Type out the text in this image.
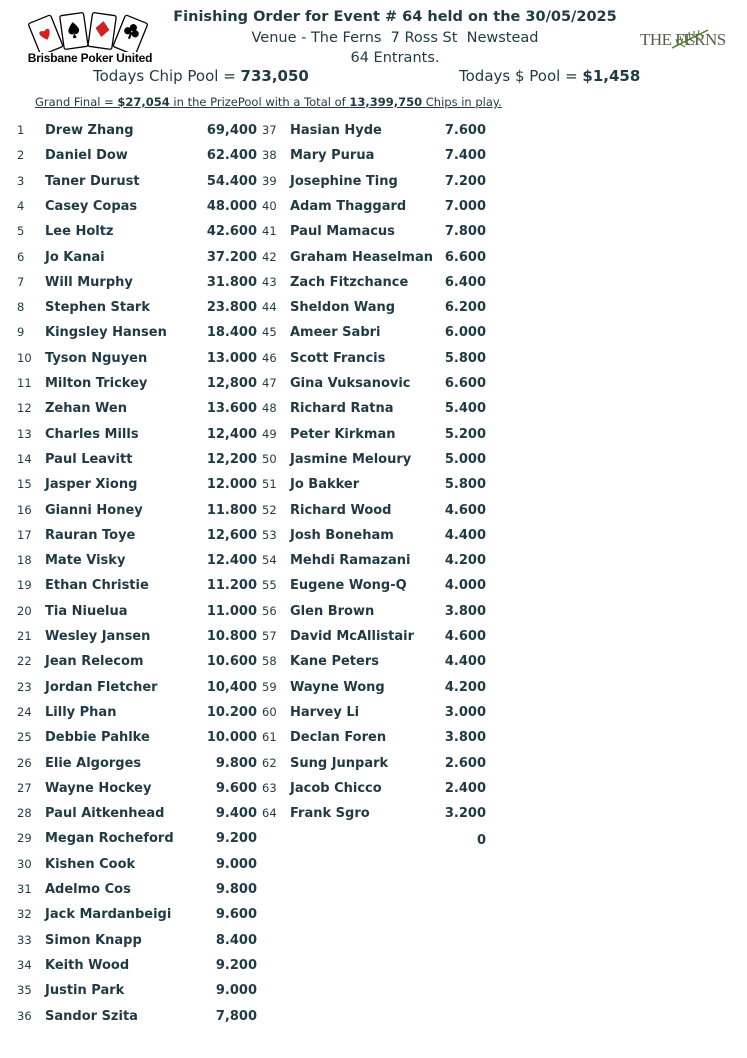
Brisbane Poker United
THE FERNS
Finishing Order for Event # 64 held on the 30/05/2025
Venue - The Ferns  7 Ross St  Newstead
64 Entrants.
Todays Chip Pool = 733,050	Todays $ Pool = $1,458
Grand Final = $27,054 in the PrizePool with a Total of 13,399,750 Chips in play.
1 Drew Zhang	69,400
2 Daniel Dow	62.400
3 Taner Durust	54.400
4 Casey Copas	48.000
5 Lee Holtz	42.600
6 Jo Kanai	37.200
7 Will Murphy	31.800
8 Stephen Stark	23.800
9 Kingsley Hansen	18.400
10 Tyson Nguyen	13.000
11 Milton Trickey	12,800
12 Zehan Wen	13.600
13 Charles Mills	12,400
14 Paul Leavitt	12,200
15 Jasper Xiong	12.000
16 Gianni Honey	11.800
17 Rauran Toye	12,600
18 Mate Visky	12.400
19 Ethan Christie	11.200
20 Tia Niuelua	11.000
21 Wesley Jansen	10.800
22 Jean Relecom	10.600
23 Jordan Fletcher	10,400
24 Lilly Phan	10.200
25 Debbie Pahlke	10.000
26 Elie Algorges	9.800
27 Wayne Hockey	9.600
28 Paul Aitkenhead	9.400
29 Megan Rocheford	9.200
30 Kishen Cook	9.000
31 Adelmo Cos	9.800
32 Jack Mardanbeigi	9.600
33 Simon Knapp	8.400
34 Keith Wood	9.200
35 Justin Park	9.000
36 Sandor Szita	7,800
37 Hasian Hyde	7.600
38 Mary Purua	7.400
39 Josephine Ting	7.200
40 Adam Thaggard	7.000
41 Paul Mamacus	7.800
42 Graham Heaselman 6.600
43 Zach Fitzchance	6.400
44 Sheldon Wang	6.200
45 Ameer Sabri	6.000
46 Scott Francis	5.800
47 Gina Vuksanovic	6.600
48 Richard Ratna	5.400
49 Peter Kirkman	5.200
50 Jasmine Meloury	5.000
51 Jo Bakker	5.800
52 Richard Wood	4.600
53 Josh Boneham	4.400
54 Mehdi Ramazani	4.200
55 Eugene Wong-Q	4.000
56 Glen Brown	3.800
57 David McAllistair	4.600
58 Kane Peters	4.400
59 Wayne Wong	4.200
60 Harvey Li	3.000
61 Declan Foren	3.800
62 Sung Junpark	2.600
63 Jacob Chicco	2.400
64 Frank Sgro	3.200
0
